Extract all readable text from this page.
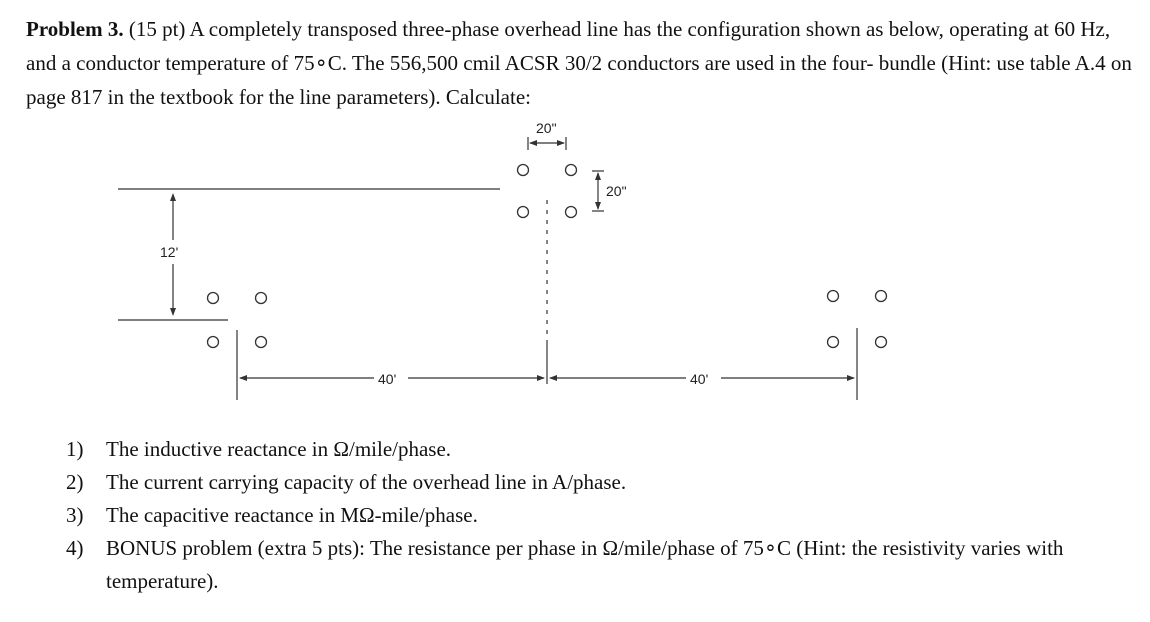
Problem 3. (15 pt) A completely transposed three-phase overhead line has the configuration shown as below, operating at 60 Hz, and a conductor temperature of 75∘C. The 556,500 cmil ACSR 30/2 conductors are used in the four- bundle (Hint: use table A.4 on page 817 in the textbook for the line parameters). Calculate:
12'
20"
20"
40'	40'
1) The inductive reactance in Ω/mile/phase.
2) The current carrying capacity of the overhead line in A/phase.
3) The capacitive reactance in MΩ-mile/phase.
4) BONUS problem (extra 5 pts): The resistance per phase in Ω/mile/phase of 75∘C (Hint: the resistivity varies with temperature).
